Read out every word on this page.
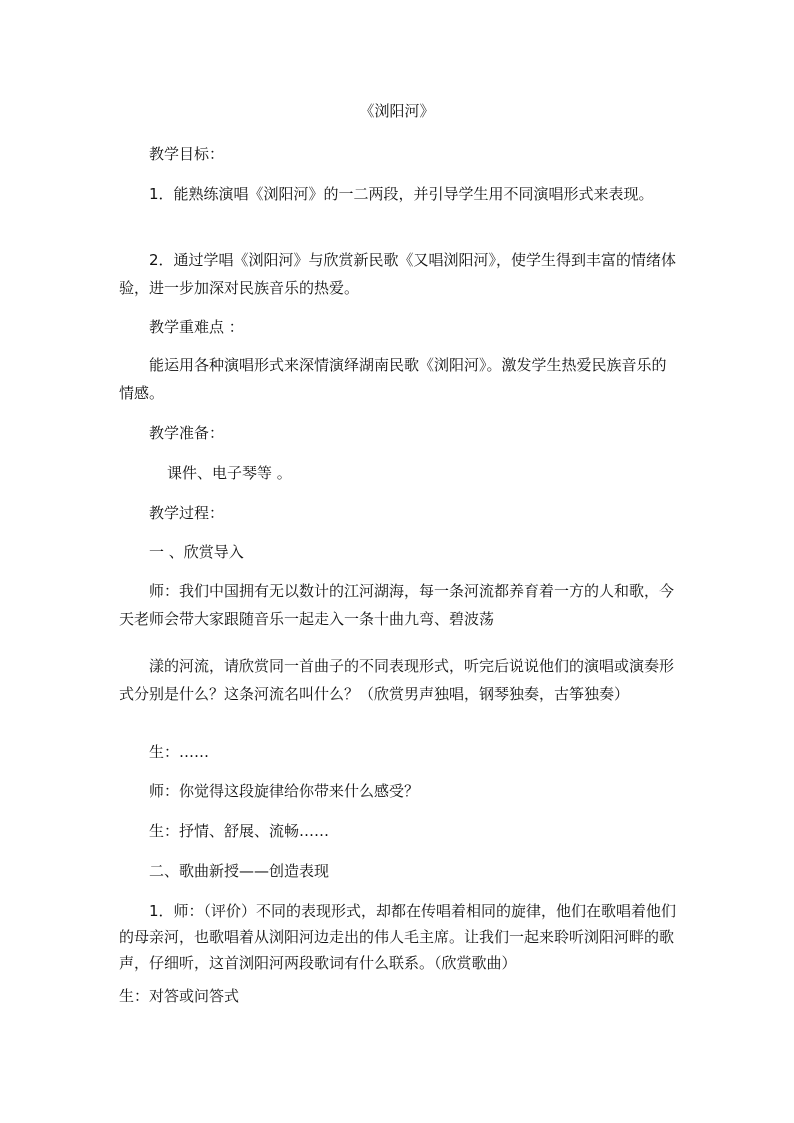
《浏阳河》
教学目标：
1．能熟练演唱《浏阳河》的一二两段，并引导学生用不同演唱形式来表现。
2．通过学唱《浏阳河》与欣赏新民歌《又唱浏阳河》，使学生得到丰富的情绪体验，进一步加深对民族音乐的热爱。
教学重难点 ：
能运用各种演唱形式来深情演绎湖南民歌《浏阳河》。激发学生热爱民族音乐的情感。
教学准备：
课件、电子琴等 。
教学过程：
一 、欣赏导入
师：我们中国拥有无以数计的江河湖海，每一条河流都养育着一方的人和歌，今天老师会带大家跟随音乐一起走入一条十曲九弯、碧波荡
漾的河流，请欣赏同一首曲子的不同表现形式，听完后说说他们的演唱或演奏形式分别是什么？这条河流名叫什么？（欣赏男声独唱，钢琴独奏，古筝独奏）
生：……
师：你觉得这段旋律给你带来什么感受？
生：抒情、舒展、流畅……
二、歌曲新授——创造表现
1．师：（评价）不同的表现形式，却都在传唱着相同的旋律，他们在歌唱着他们的母亲河，也歌唱着从浏阳河边走出的伟人毛主席。让我们一起来聆听浏阳河畔的歌声，仔细听，这首浏阳河两段歌词有什么联系。（欣赏歌曲）
生：对答或问答式
